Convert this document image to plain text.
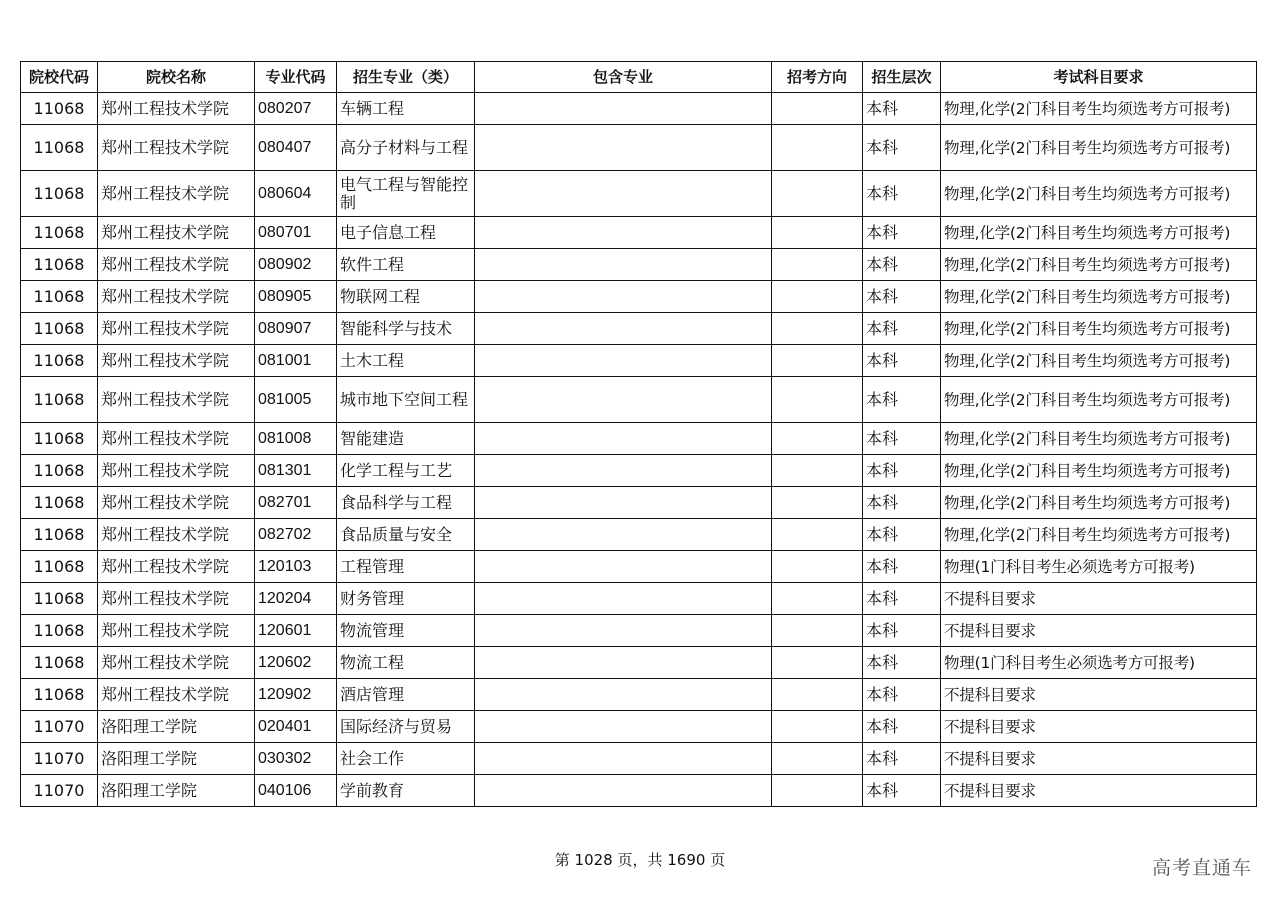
院校代码	院校名称	专业代码	招生专业（类）	包含专业	招考方向	招生层次	考试科目要求
11068	郑州工程技术学院	080207	车辆工程			本科	物理,化学(2门科目考生均须选考方可报考)
11068	郑州工程技术学院	080407	高分子材料与工程			本科	物理,化学(2门科目考生均须选考方可报考)
11068	郑州工程技术学院	080604	电气工程与智能控制			本科	物理,化学(2门科目考生均须选考方可报考)
11068	郑州工程技术学院	080701	电子信息工程			本科	物理,化学(2门科目考生均须选考方可报考)
11068	郑州工程技术学院	080902	软件工程			本科	物理,化学(2门科目考生均须选考方可报考)
11068	郑州工程技术学院	080905	物联网工程			本科	物理,化学(2门科目考生均须选考方可报考)
11068	郑州工程技术学院	080907	智能科学与技术			本科	物理,化学(2门科目考生均须选考方可报考)
11068	郑州工程技术学院	081001	土木工程			本科	物理,化学(2门科目考生均须选考方可报考)
11068	郑州工程技术学院	081005	城市地下空间工程			本科	物理,化学(2门科目考生均须选考方可报考)
11068	郑州工程技术学院	081008	智能建造			本科	物理,化学(2门科目考生均须选考方可报考)
11068	郑州工程技术学院	081301	化学工程与工艺			本科	物理,化学(2门科目考生均须选考方可报考)
11068	郑州工程技术学院	082701	食品科学与工程			本科	物理,化学(2门科目考生均须选考方可报考)
11068	郑州工程技术学院	082702	食品质量与安全			本科	物理,化学(2门科目考生均须选考方可报考)
11068	郑州工程技术学院	120103	工程管理			本科	物理(1门科目考生必须选考方可报考)
11068	郑州工程技术学院	120204	财务管理			本科	不提科目要求
11068	郑州工程技术学院	120601	物流管理			本科	不提科目要求
11068	郑州工程技术学院	120602	物流工程			本科	物理(1门科目考生必须选考方可报考)
11068	郑州工程技术学院	120902	酒店管理			本科	不提科目要求
11070	洛阳理工学院	020401	国际经济与贸易			本科	不提科目要求
11070	洛阳理工学院	030302	社会工作			本科	不提科目要求
11070	洛阳理工学院	040106	学前教育			本科	不提科目要求
第 1028 页，共 1690 页	高考直通车
